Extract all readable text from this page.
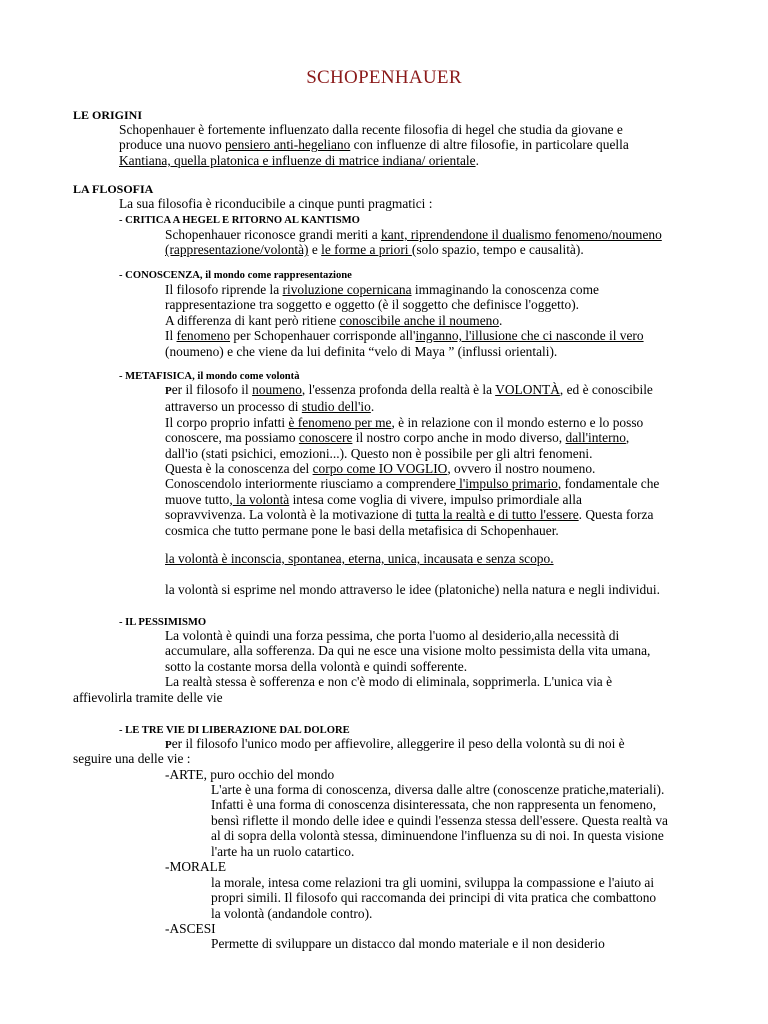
SCHOPENHAUER
LE ORIGINI

Schopenhauer è fortemente influenzato dalla recente filosofia di hegel che studia da giovane e

produce una nuovo pensiero anti-hegeliano con influenze di altre filosofie, in particolare quella

Kantiana, quella platonica e influenze di matrice indiana/ orientale.

LA FLOSOFIA
La sua filosofia è riconducibile a cinque punti pragmatici :
- CRITICA A HEGEL E RITORNO AL KANTISMO

Schopenhauer riconosce grandi meriti a kant, riprendendone il dualismo fenomeno/noumeno

(rappresentazione/volontà) e le forme a priori (solo spazio, tempo e causalità).

- CONOSCENZA, il mondo come rappresentazione

Il filosofo riprende la rivoluzione copernicana immaginando la conoscenza come

rappresentazione tra soggetto e oggetto (è il soggetto che definisce l'oggetto).

A differenza di kant però ritiene conoscibile anche il noumeno.

Il fenomeno per Schopenhauer corrisponde all'inganno, l'illusione che ci nasconde il vero

(noumeno) e che viene da lui definita “velo di Maya ” (influssi orientali).

- METAFISICA, il mondo come volontà

Per il filosofo il noumeno, l'essenza profonda della realtà è la VOLONTÀ, ed è conoscibile

attraverso un processo di studio dell'io.

Il corpo proprio infatti è fenomeno per me, è in relazione con il mondo esterno e lo posso

conoscere, ma possiamo conoscere il nostro corpo anche in modo diverso, dall'interno,

dall'io (stati psichici, emozioni...). Questo non è possibile per gli altri fenomeni.

Questa è la conoscenza del corpo come IO VOGLIO, ovvero il nostro noumeno.

Conoscendolo interiormente riusciamo a comprendere l'impulso primario, fondamentale che

muove tutto, la volontà intesa come voglia di vivere, impulso primordiale alla

sopravvivenza. La volontà è la motivazione di tutta la realtà e di tutto l'essere. Questa forza

cosmica che tutto permane pone le basi della metafisica di Schopenhauer.

la volontà è inconscia, spontanea, eterna, unica, incausata e senza scopo.

la volontà si esprime nel mondo attraverso le idee (platoniche) nella natura e negli individui.
- IL PESSIMISMO

La volontà è quindi una forza pessima, che porta l'uomo al desiderio,alla necessità di

accumulare, alla sofferenza. Da qui ne esce una visione molto pessimista della vita umana,

sotto la costante morsa della volontà e quindi sofferente.

La realtà stessa è sofferenza e non c'è modo di eliminala, sopprimerla. L'unica via è

affievolirla tramite delle vie
- LE TRE VIE DI LIBERAZIONE DAL DOLORE

Per il filosofo l'unico modo per affievolire, alleggerire il peso della volontà su di noi è

seguire una delle vie :
-ARTE, puro occhio del mondo

L'arte è una forma di conoscenza, diversa dalle altre (conoscenze pratiche,materiali).

Infatti è una forma di conoscenza disinteressata, che non rappresenta un fenomeno,

bensì riflette il mondo delle idee e quindi l'essenza stessa dell'essere. Questa realtà va

al di sopra della volontà stessa, diminuendone l'influenza su di noi. In questa visione

l'arte ha un ruolo catartico.

-MORALE

la morale, intesa come relazioni tra gli uomini, sviluppa la compassione e l'aiuto ai

propri simili. Il filosofo qui raccomanda dei principi di vita pratica che combattono

la volontà (andandole contro).

-ASCESI
Permette di sviluppare un distacco dal mondo materiale e il non desiderio
